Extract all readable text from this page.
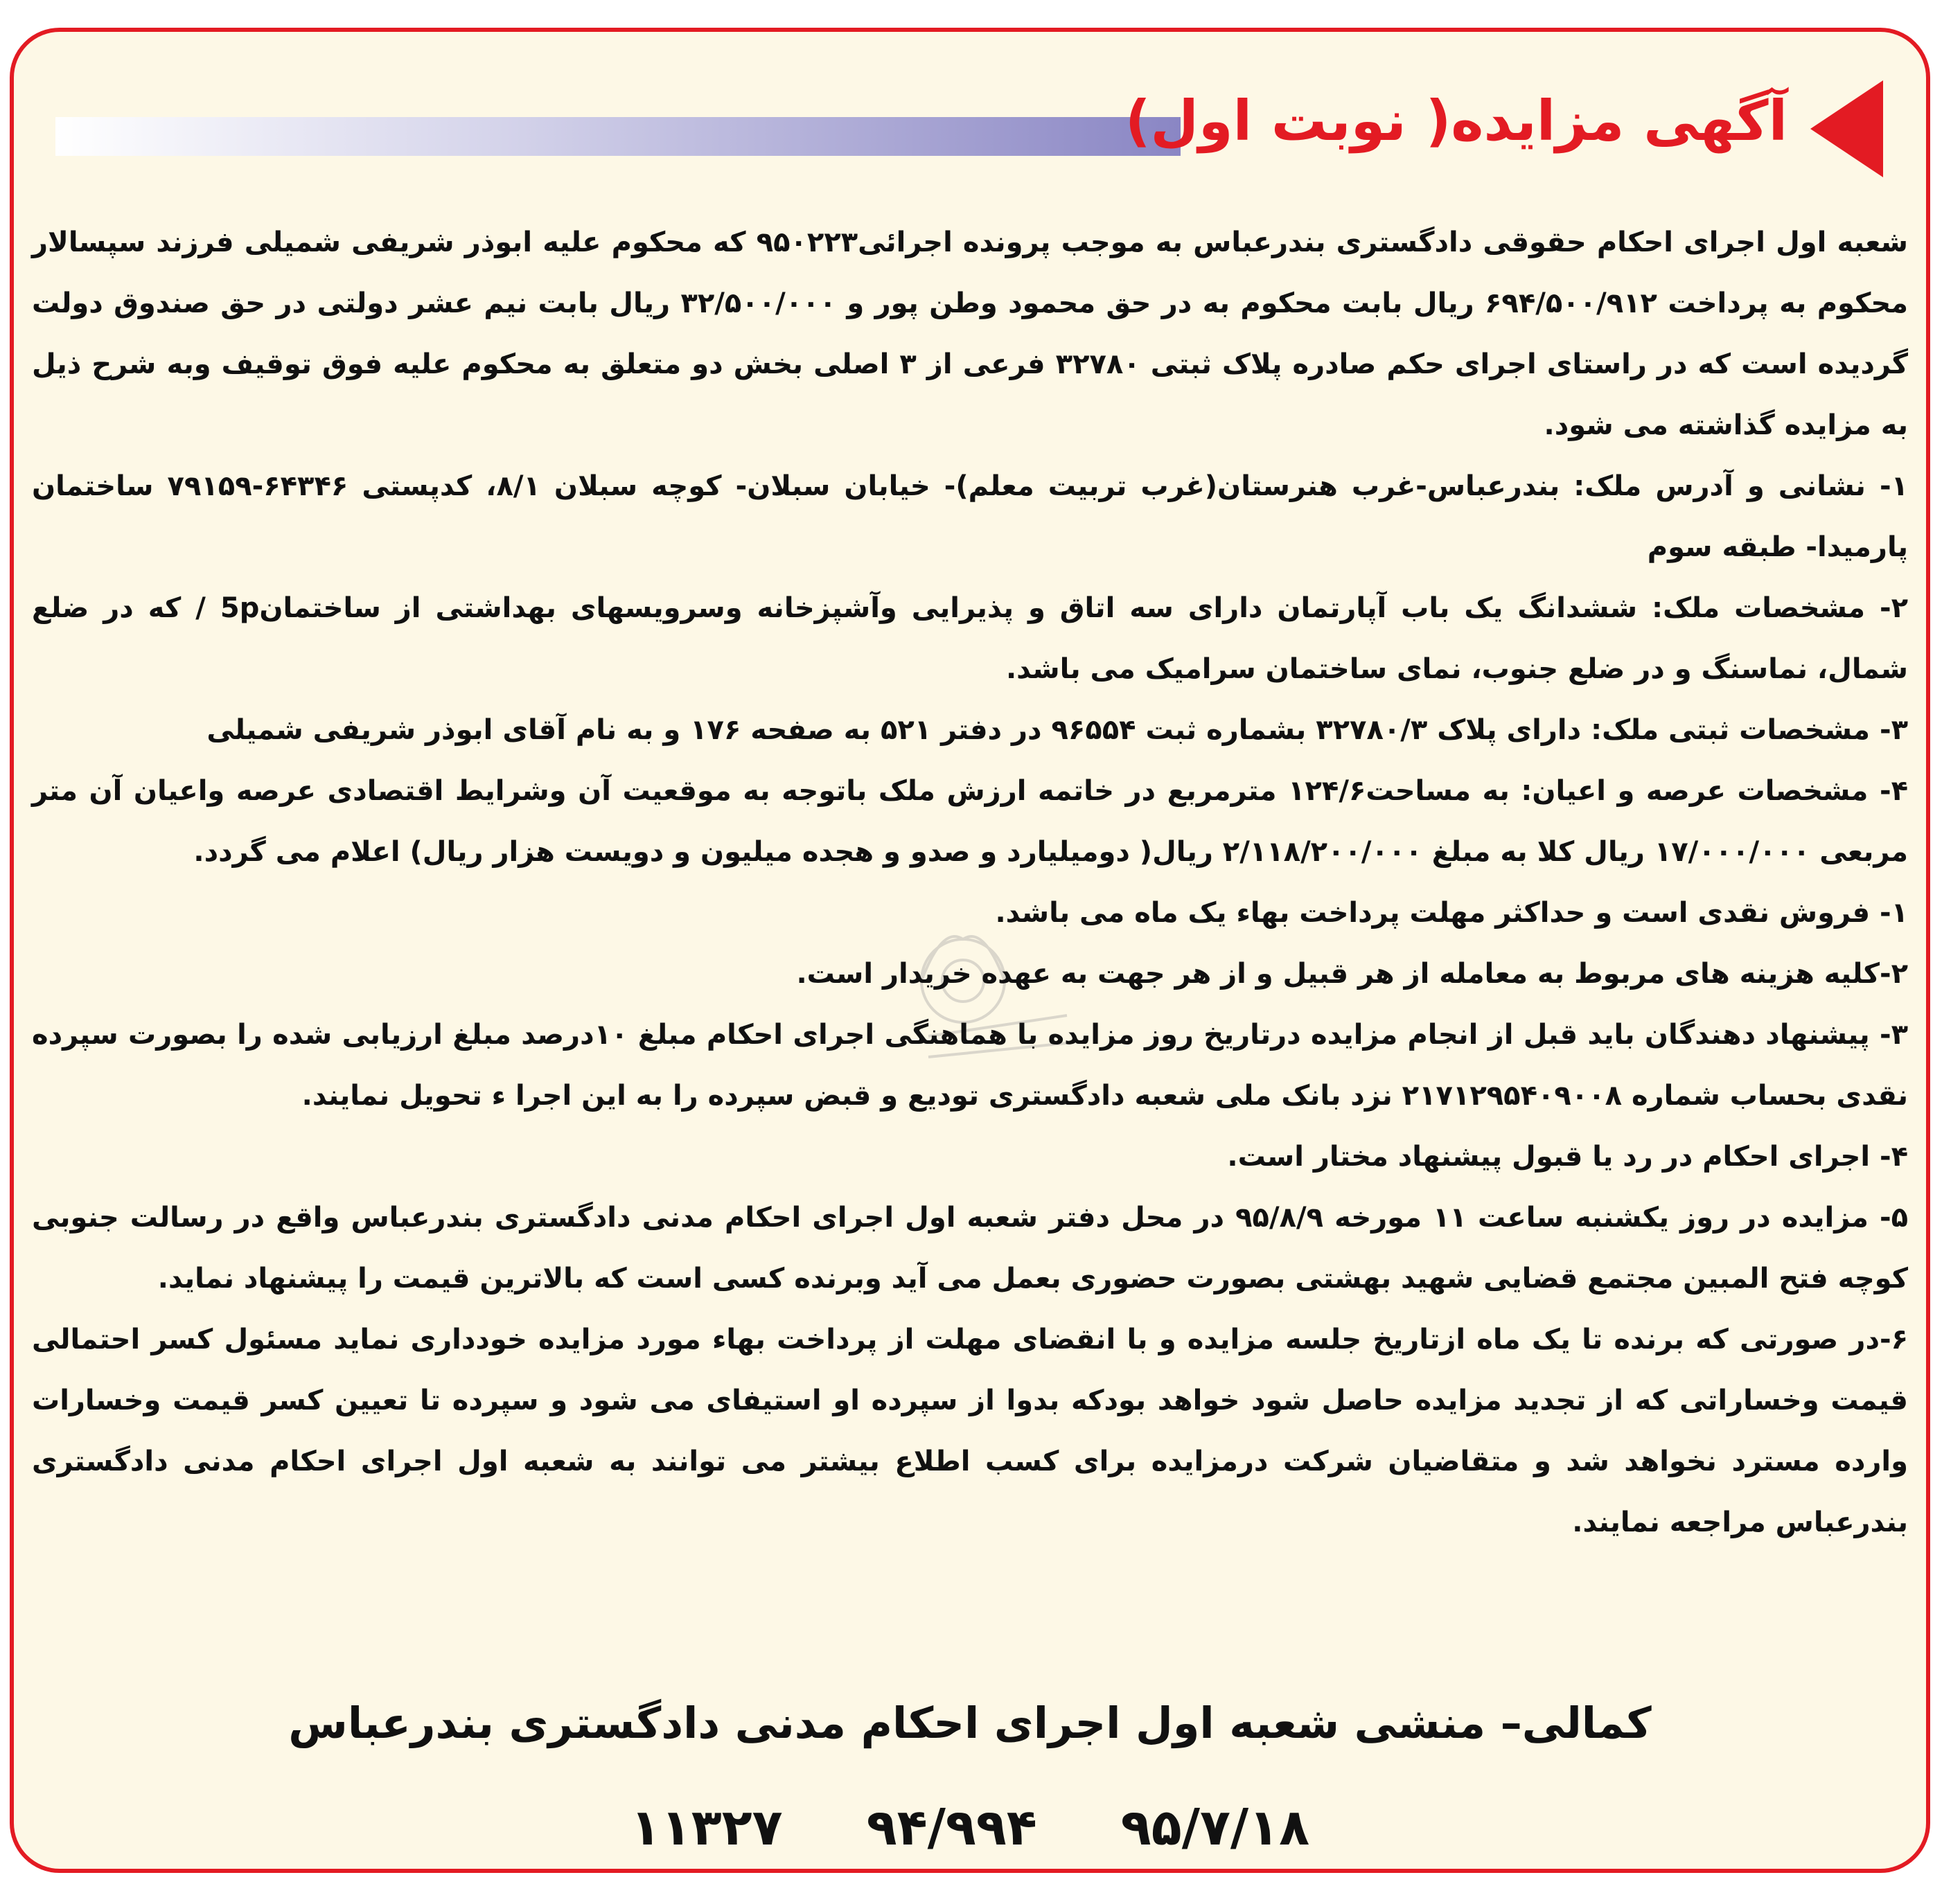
آگهی مزایده( نوبت اول)

شعبه اول اجرای احکام حقوقی دادگستری بندرعباس به موجب پرونده اجرائی۹۵۰۲۲۳ که محکوم علیه ابوذر شریفی شمیلی فرزند سپسالار محکوم به پرداخت ۶۹۴/۵۰۰/۹۱۲ ریال بابت محکوم به در حق محمود وطن پور و ۳۲/۵۰۰/۰۰۰ ریال بابت نیم عشر دولتی در حق صندوق دولت گردیده است که در راستای اجرای حکم صادره پلاک ثبتی ۳۲۷۸۰ فرعی از ۳ اصلی بخش دو متعلق به محکوم علیه فوق توقیف وبه شرح ذیل به مزایده گذاشته می شود.

۱- نشانی و آدرس ملک: بندرعباس-غرب هنرستان(غرب تربیت معلم)- خیابان سبلان- کوچه سبلان ۸/۱، کدپستی ۶۴۳۴۶-۷۹۱۵۹ ساختمان پارمیدا- طبقه سوم

۲- مشخصات ملک: ششدانگ یک باب آپارتمان دارای سه اتاق و پذیرایی وآشپزخانه وسرویسهای بهداشتی از ساختمان5p / که در ضلع شمال، نماسنگ و در ضلع جنوب، نمای ساختمان سرامیک می باشد.

۳- مشخصات ثبتی ملک: دارای پلاک ۳۲۷۸۰/۳ بشماره ثبت ۹۶۵۵۴ در دفتر ۵۲۱ به صفحه ۱۷۶ و به نام آقای ابوذر شریفی شمیلی

۴- مشخصات عرصه و اعیان: به مساحت۱۲۴/۶ مترمربع در خاتمه ارزش ملک باتوجه به موقعیت آن وشرایط اقتصادی عرصه واعیان آن متر مربعی ۱۷/۰۰۰/۰۰۰ ریال کلا به مبلغ ۲/۱۱۸/۲۰۰/۰۰۰ ریال( دومیلیارد و صدو و هجده میلیون و دویست هزار ریال) اعلام می گردد.

۱- فروش نقدی است و حداکثر مهلت پرداخت بهاء یک ماه می باشد.

۲-کلیه هزینه های مربوط به معامله از هر قبیل و از هر جهت به عهده خریدار است.

۳- پیشنهاد دهندگان باید قبل از انجام مزایده درتاریخ روز مزایده با هماهنگی اجرای احکام مبلغ ۱۰درصد مبلغ ارزیابی شده را بصورت سپرده نقدی بحساب شماره ۲۱۷۱۲۹۵۴۰۹۰۰۸ نزد بانک ملی شعبه دادگستری تودیع و قبض سپرده را به این اجرا ء تحویل نمایند.

۴- اجرای احکام در رد یا قبول پیشنهاد مختار است.

۵- مزایده در روز یکشنبه ساعت ۱۱ مورخه ۹۵/۸/۹ در محل دفتر شعبه اول اجرای احکام مدنی دادگستری بندرعباس واقع در رسالت جنوبی کوچه فتح المبین مجتمع قضایی شهید بهشتی بصورت حضوری بعمل می آید وبرنده کسی است که بالاترین قیمت را پیشنهاد نماید.

۶-در صورتی که برنده تا یک ماه ازتاریخ جلسه مزایده و با انقضای مهلت از پرداخت بهاء مورد مزایده خودداری نماید مسئول کسر احتمالی قیمت وخساراتی که از تجدید مزایده حاصل شود خواهد بودکه بدوا از سپرده او استیفای می شود و سپرده تا تعیین کسر قیمت وخسارات وارده مسترد نخواهد شد و متقاضیان شرکت درمزایده برای کسب اطلاع بیشتر می توانند به شعبه اول اجرای احکام مدنی دادگستری بندرعباس مراجعه نمایند.

کمالی– منشی شعبه اول اجرای احکام مدنی دادگستری بندرعباس
۹۵/۷/۱۸ ۹۴/۹۹۴ ۱۱۳۲۷
